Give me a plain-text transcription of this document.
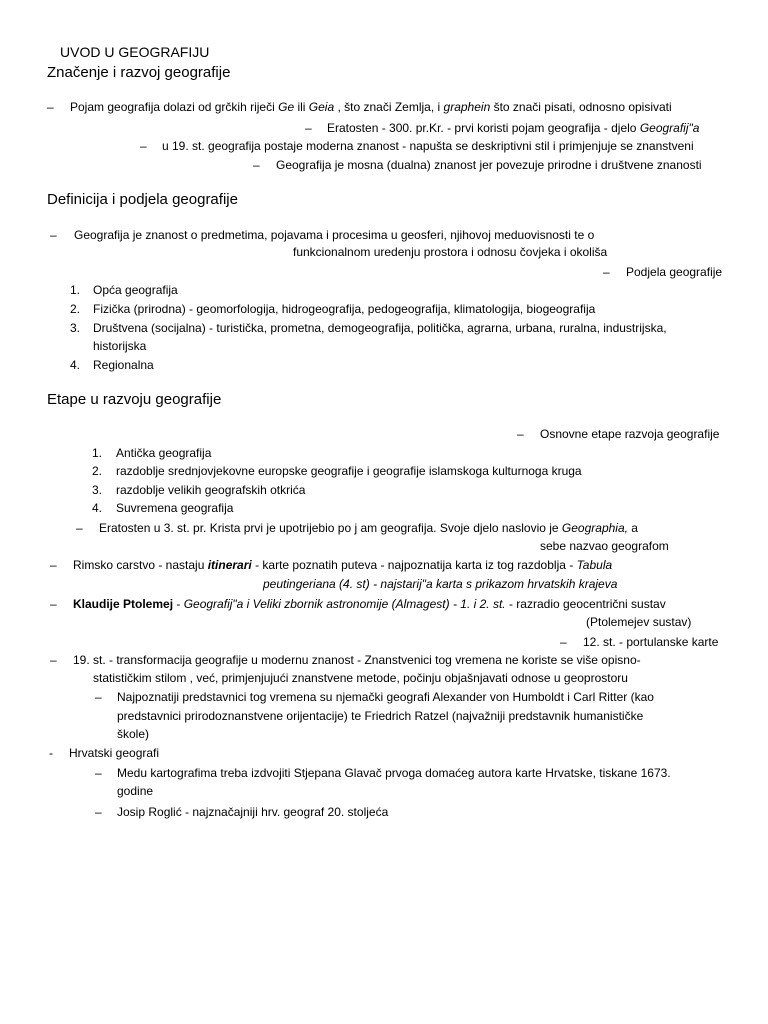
UVOD U GEOGRAFIJU
Značenje i razvoj geografije
– Pojam geografija dolazi od grčkih riječi Ge ili Geia , što znači Zemlja, i graphein što znači pisati, odnosno opisivati
– Eratosten - 300. pr.Kr. - prvi koristi pojam geografija - djelo Geografij"a
– u 19. st. geografija postaje moderna znanost - napušta se deskriptivni stil i primjenjuje se znanstveni
– Geografija je mosna (dualna) znanost jer povezuje prirodne i društvene znanosti
Definicija i podjela geografije
– Geografija je znanost o predmetima, pojavama i procesima u geosferi, njihovoj meduovisnosti te o
funkcionalnom uredenju prostora i odnosu čovjeka i okoliša
– Podjela geografije
1. Opća geografija
2. Fizička (prirodna) - geomorfologija, hidrogeografija, pedogeografija, klimatologija, biogeografija
3. Društvena (socijalna) - turistička, prometna, demogeografija, politička, agrarna, urbana, ruralna, industrijska,
historijska
4. Regionalna
Etape u razvoju geografije
– Osnovne etape razvoja geografije
1. Antička geografija
2. razdoblje srednjovjekovne europske geografije i geografije islamskoga kulturnoga kruga
3. razdoblje velikih geografskih otkrića
4. Suvremena geografija
– Eratosten u 3. st. pr. Krista prvi je upotrijebio po j am geografija. Svoje djelo naslovio je Geographia, a
sebe nazvao geografom
– Rimsko carstvo - nastaju itinerari - karte poznatih puteva - najpoznatija karta iz tog razdoblja - Tabula
peutingeriana (4. st) - najstarij"a karta s prikazom hrvatskih krajeva
– Klaudije Ptolemej - Geografij"a i Veliki zbornik astronomije (Almagest) - 1. i 2. st. - razradio geocentrični sustav
(Ptolemejev sustav)
– 12. st. - portulanske karte
– 19. st. - transformacija geografije u modernu znanost - Znanstvenici tog vremena ne koriste se više opisno-
statističkim stilom , već, primjenjujući znanstvene metode, počinju objašnjavati odnose u geoprostoru
– Najpoznatiji predstavnici tog vremena su njemački geografi Alexander von Humboldt i Carl Ritter (kao
predstavnici prirodoznanstvene orijentacije) te Friedrich Ratzel (najvažniji predstavnik humanističke
škole)
- Hrvatski geografi
– Medu kartografima treba izdvojiti Stjepana Glavač prvoga domaćeg autora karte Hrvatske, tiskane 1673.
godine
– Josip Roglić - najznačajniji hrv. geograf 20. stoljeća
